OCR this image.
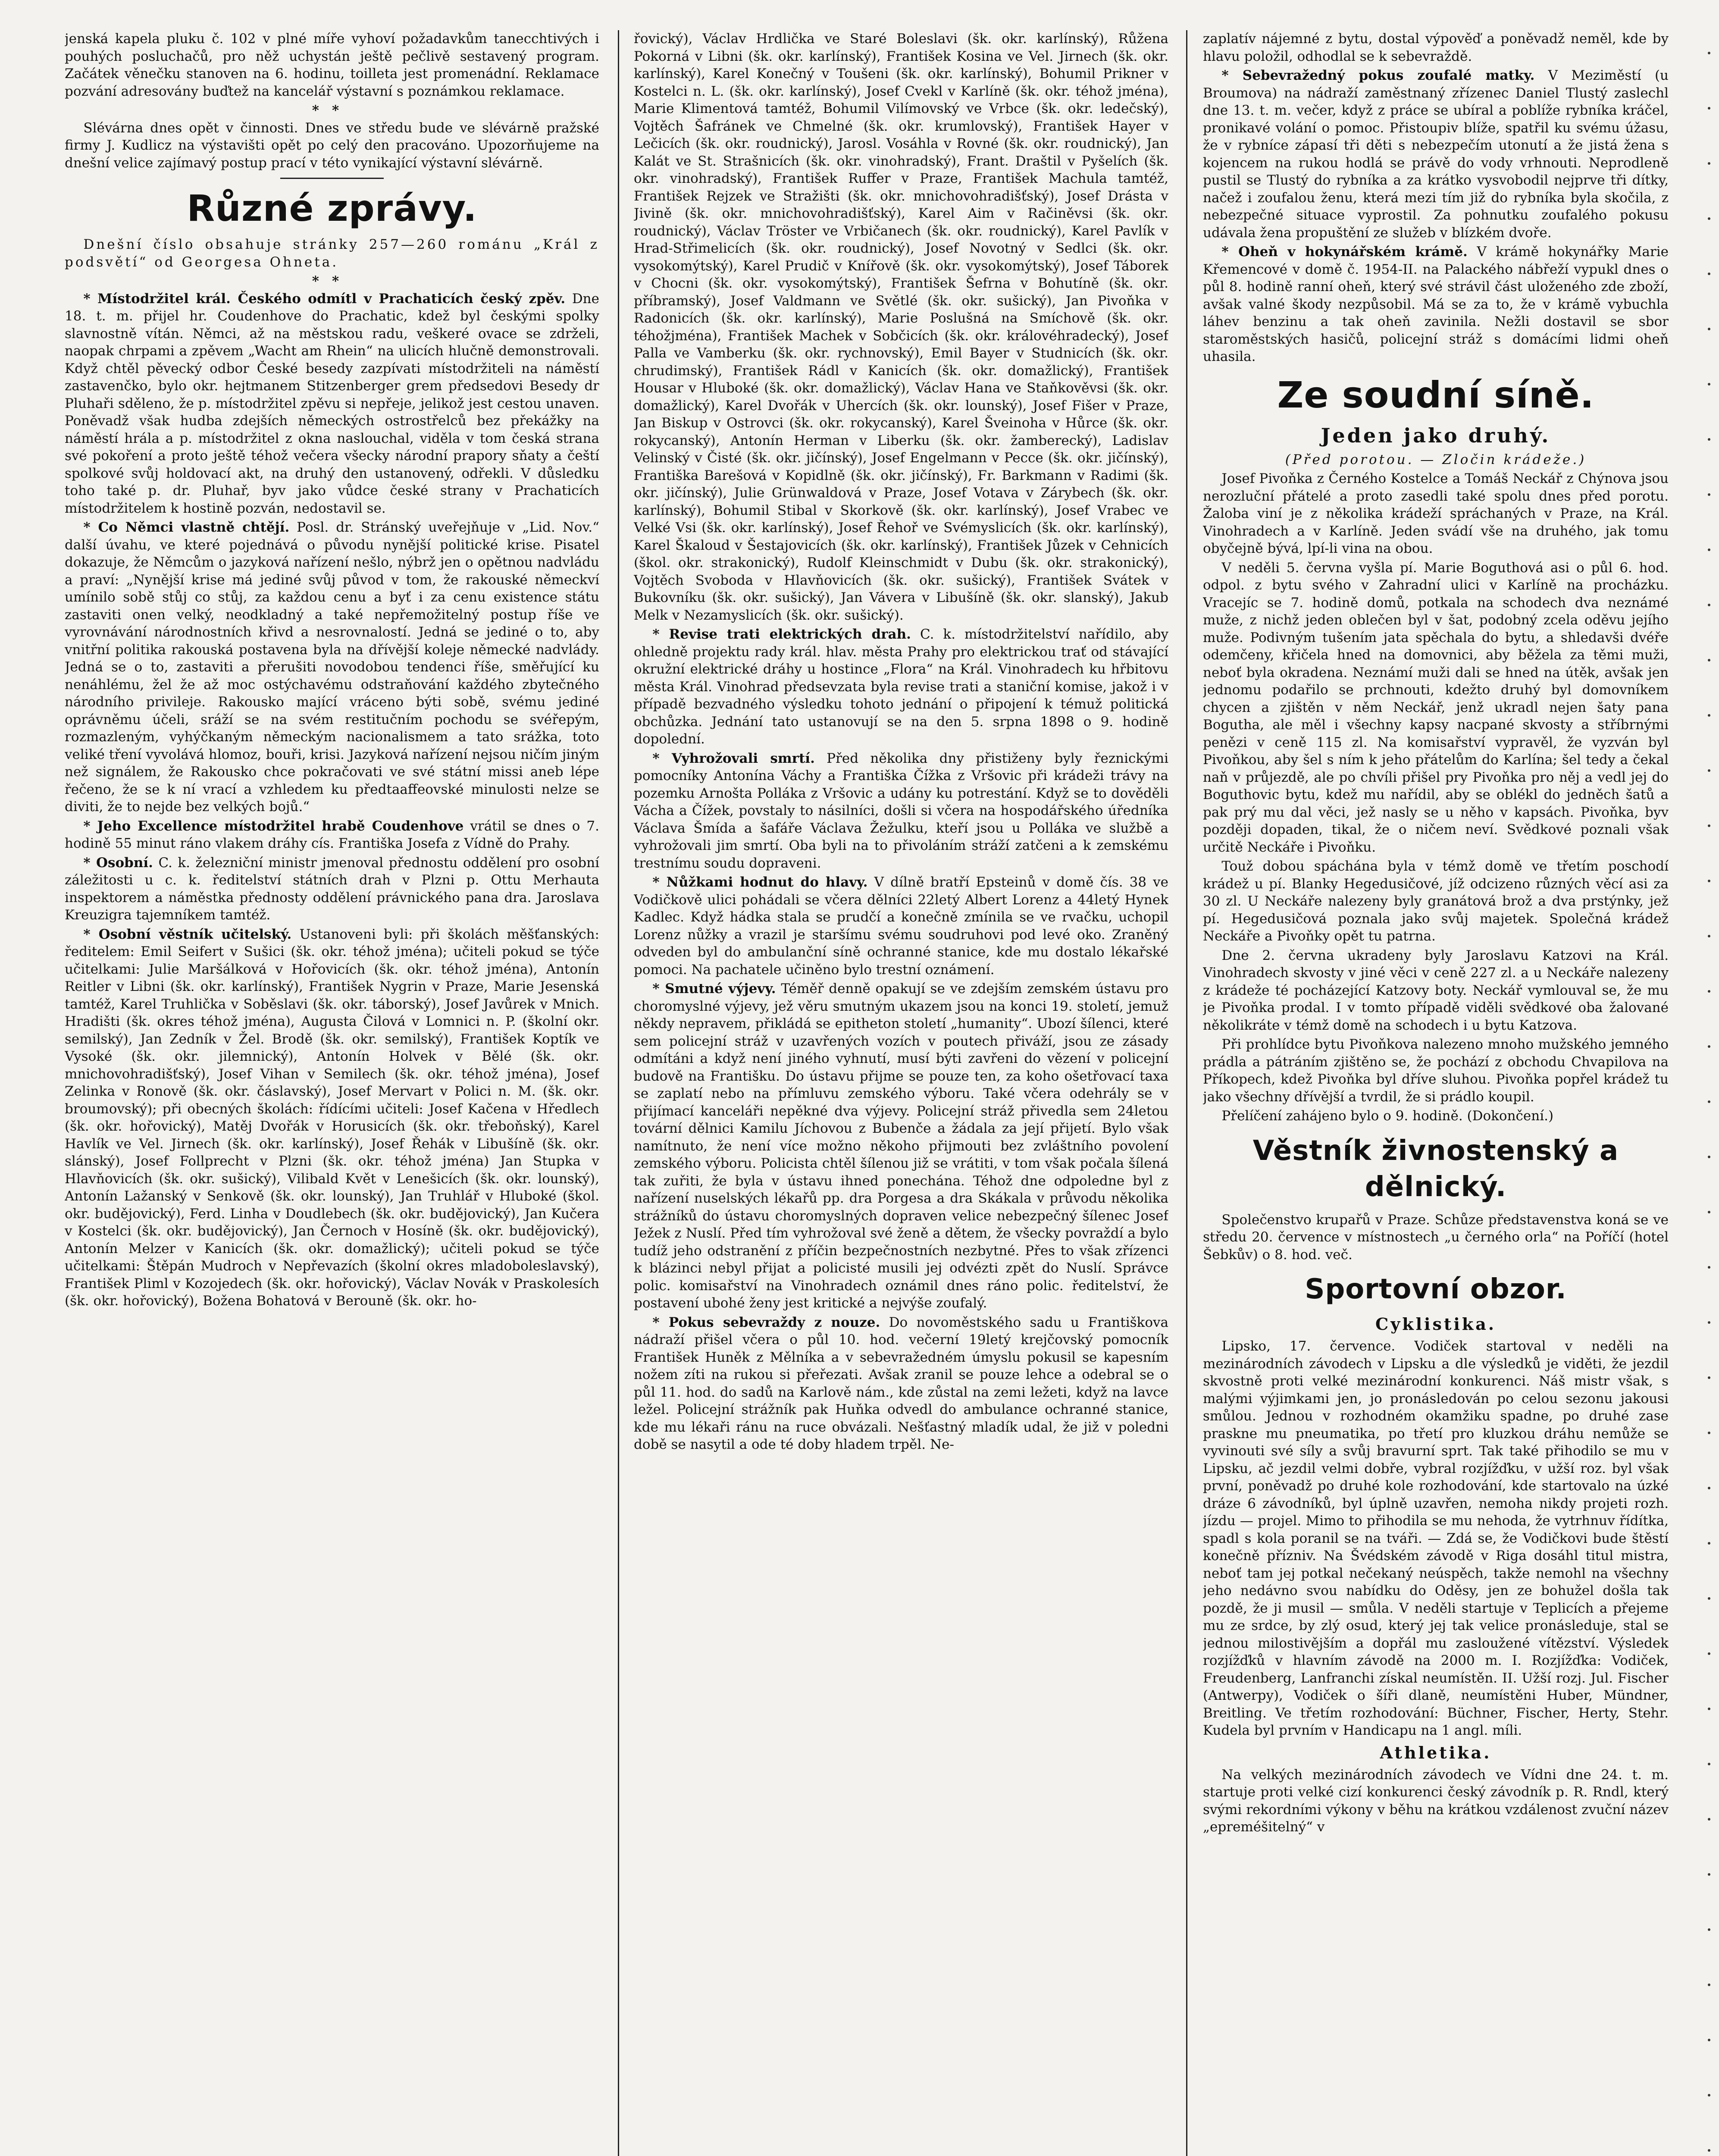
jenská kapela pluku č. 102 v plné míře vyhoví požadavkům tanecchtivých i pouhých posluchačů, pro něž uchystán ještě pečlivě sestavený program. Začátek věnečku stanoven na 6. hodinu, toilleta jest promenádní. Reklamace pozvání adresovány buďtež na kancelář výstavní s poznámkou reklamace.

**

Slévárna dnes opět v činnosti. Dnes ve středu bude ve slévárně pražské firmy J. Kudlicz na výstavišti opět po celý den pracováno. Upozorňujeme na dnešní velice zajímavý postup prací v této vynikající výstavní slévárně.

Různé zprávy.

Dnešní číslo obsahuje stránky 257—260 románu „Král z podsvětí“ od Georgesa Ohneta.

**

* Místodržitel král. Českého odmítl v Prachaticích český zpěv. Dne 18. t. m. přijel hr. Coudenhove do Prachatic, kdež byl českými spolky slavnostně vítán. Němci, až na městskou radu, veškeré ovace se zdrželi, naopak chrpami a zpěvem „Wacht am Rhein“ na ulicích hlučně demonstrovali. Když chtěl pěvecký odbor České besedy zazpívati místodržiteli na náměstí zastavenčko, bylo okr. hejtmanem Stitzenberger grem předsedovi Besedy dr Pluhaři sděleno, že p. místodržitel zpěvu si nepřeje, jelikož jest cestou unaven. Poněvadž však hudba zdejších německých ostrostřelců bez překážky na náměstí hrála a p. místodržitel z okna naslouchal, viděla v tom česká strana své pokoření a proto ještě téhož večera všecky národní prapory sňaty a čeští spolkové svůj holdovací akt, na druhý den ustanovený, odřekli. V důsledku toho také p. dr. Pluhař, byv jako vůdce české strany v Prachaticích místodržitelem k hostině pozván, nedostavil se.

* Co Němci vlastně chtějí. Posl. dr. Stránský uveřejňuje v „Lid. Nov.“ další úvahu, ve které pojednává o původu nynější politické krise. Pisatel dokazuje, že Němcům o jazyková nařízení nešlo, nýbrž jen o opětnou nadvládu a praví: „Nynější krise má jediné svůj původ v tom, že rakouské německví umínilo sobě stůj co stůj, za každou cenu a byť i za cenu existence státu zastaviti onen velký, neodkladný a také nepřemožitelný postup říše ve vyrovnávání národnostních křivd a nesrovnalostí. Jedná se jediné o to, aby vnitřní politika rakouská postavena byla na dřívější koleje německé nadvlády. Jedná se o to, zastaviti a přerušiti novodobou tendenci říše, směřující ku nenáhlému, žel že až moc ostýchavému odstraňování každého zbytečného národního privileje. Rakousko mající vráceno býti sobě, svému jediné oprávněmu účeli, sráží se na svém restitučním pochodu se svéřepým, rozmazleným, vyhýčkaným německým nacionalismem a tato srážka, toto veliké tření vyvolává hlomoz, bouři, krisi. Jazyková nařízení nejsou ničím jiným než signálem, že Rakousko chce pokračovati ve své státní missi aneb lépe řečeno, že se k ní vrací a vzhledem ku předtaaffeovské minulosti nelze se diviti, že to nejde bez velkých bojů.“

* Jeho Excellence místodržitel hrabě Coudenhove vrátil se dnes o 7. hodině 55 minut ráno vlakem dráhy cís. Františka Josefa z Vídně do Prahy.

* Osobní. C. k. železniční ministr jmenoval přednostu oddělení pro osobní záležitosti u c. k. ředitelství státních drah v Plzni p. Ottu Merhauta inspektorem a náměstka přednosty oddělení právnického pana dra. Jaroslava Kreuzigra tajemníkem tamtéž.

* Osobní věstník učitelský. Ustanoveni byli: při školách měšťanských: ředitelem: Emil Seifert v Sušici (šk. okr. téhož jména); učiteli pokud se týče učitelkami: Julie Maršálková v Hořovicích (šk. okr. téhož jména), Antonín Reitler v Libni (šk. okr. karlínský), František Nygrin v Praze, Marie Jesenská tamtéž, Karel Truhlička v Soběslavi (šk. okr. táborský), Josef Javůrek v Mnich. Hradišti (šk. okres téhož jména), Augusta Čilová v Lomnici n. P. (školní okr. semilský), Jan Zedník v Žel. Brodě (šk. okr. semilský), František Koptík ve Vysoké (šk. okr. jilemnický), Antonín Holvek v Bělé (šk. okr. mnichovohradišťský), Josef Vihan v Semilech (šk. okr. téhož jména), Josef Zelinka v Ronově (šk. okr. čáslavský), Josef Mervart v Polici n. M. (šk. okr. broumovský); při obecných školách: řídícími učiteli: Josef Kačena v Hředlech (šk. okr. hořovický), Matěj Dvořák v Horusicích (šk. okr. třeboňský), Karel Havlík ve Vel. Jirnech (šk. okr. karlínský), Josef Řehák v Libušíně (šk. okr. slánský), Josef Follprecht v Plzni (šk. okr. téhož jména) Jan Stupka v Hlavňovicích (šk. okr. sušický), Vilibald Květ v Lenešicích (šk. okr. lounský), Antonín Lažanský v Senkově (šk. okr. lounský), Jan Truhlář v Hluboké (škol. okr. budějovický), Ferd. Linha v Doudlebech (šk. okr. budějovický), Jan Kučera v Kostelci (šk. okr. budějovický), Jan Černoch v Hosíně (šk. okr. budějovický), Antonín Melzer v Kanicích (šk. okr. domažlický); učiteli pokud se týče učitelkami: Štěpán Mudroch v Nepřevazích (školní okres mladoboleslavský), František Pliml v Kozojedech (šk. okr. hořovický), Václav Novák v Praskolesích (šk. okr. hořovický), Božena Bohatová v Berouně (šk. okr. ho-

řovický), Václav Hrdlička ve Staré Boleslavi (šk. okr. karlínský), Růžena Pokorná v Libni (šk. okr. karlínský), František Kosina ve Vel. Jirnech (šk. okr. karlínský), Karel Konečný v Toušeni (šk. okr. karlínský), Bohumil Prikner v Kostelci n. L. (šk. okr. karlínský), Josef Cvekl v Karlíně (šk. okr. téhož jména), Marie Klimentová tamtéž, Bohumil Vilímovský ve Vrbce (šk. okr. ledečský), Vojtěch Šafránek ve Chmelné (šk. okr. krumlovský), František Hayer v Lečicích (šk. okr. roudnický), Jarosl. Vosáhla v Rovné (šk. okr. roudnický), Jan Kalát ve St. Strašnicích (šk. okr. vinohradský), Frant. Draštil v Pyšelích (šk. okr. vinohradský), František Ruffer v Praze, František Machula tamtéž, František Rejzek ve Stražišti (šk. okr. mnichovohradišťský), Josef Drásta v Jivině (šk. okr. mnichovohradišťský), Karel Aim v Račiněvsi (šk. okr. roudnický), Václav Tröster ve Vrbičanech (šk. okr. roudnický), Karel Pavlík v Hrad-Střimelicích (šk. okr. roudnický), Josef Novotný v Sedlci (šk. okr. vysokomýtský), Karel Prudič v Knířově (šk. okr. vysokomýtský), Josef Táborek v Chocni (šk. okr. vysokomýtský), František Šefrna v Bohutíně (šk. okr. příbramský), Josef Valdmann ve Světlé (šk. okr. sušický), Jan Pivoňka v Radonicích (šk. okr. karlínský), Marie Poslušná na Smíchově (šk. okr. téhožjména), František Machek v Sobčicích (šk. okr. královéhradecký), Josef Palla ve Vamberku (šk. okr. rychnovský), Emil Bayer v Studnicích (šk. okr. chrudimský), František Rádl v Kanicích (šk. okr. domažlický), František Housar v Hluboké (šk. okr. domažlický), Václav Hana ve Staňkověvsi (šk. okr. domažlický), Karel Dvořák v Uhercích (šk. okr. lounský), Josef Fišer v Praze, Jan Biskup v Ostrovci (šk. okr. rokycanský), Karel Šveinoha v Hůrce (šk. okr. rokycanský), Antonín Herman v Liberku (šk. okr. žamberecký), Ladislav Velinský v Čisté (šk. okr. jičínský), Josef Engelmann v Pecce (šk. okr. jičínský), Františka Barešová v Kopidlně (šk. okr. jičínský), Fr. Barkmann v Radimi (šk. okr. jičínský), Julie Grünwaldová v Praze, Josef Votava v Zárybech (šk. okr. karlínský), Bohumil Stibal v Skorkově (šk. okr. karlínský), Josef Vrabec ve Velké Vsi (šk. okr. karlínský), Josef Řehoř ve Svémyslicích (šk. okr. karlínský), Karel Škaloud v Šestajovicích (šk. okr. karlínský), František Jůzek v Cehnicích (škol. okr. strakonický), Rudolf Kleinschmidt v Dubu (šk. okr. strakonický), Vojtěch Svoboda v Hlavňovicích (šk. okr. sušický), František Svátek v Bukovníku (šk. okr. sušický), Jan Vávera v Libušíně (šk. okr. slanský), Jakub Melk v Nezamyslicích (šk. okr. sušický).

* Revise trati elektrických drah. C. k. místodržitelství nařídilo, aby ohledně projektu rady král. hlav. města Prahy pro elektrickou trať od stávající okružní elektrické dráhy u hostince „Flora“ na Král. Vinohradech ku hřbitovu města Král. Vinohrad předsevzata byla revise trati a staniční komise, jakož i v případě bezvadného výsledku tohoto jednání o připojení k témuž politická obchůzka. Jednání tato ustanovují se na den 5. srpna 1898 o 9. hodině dopolední.

* Vyhrožovali smrtí. Před několika dny přistiženy byly řeznickými pomocníky Antonína Váchy a Františka Čížka z Vršovic při krádeži trávy na pozemku Arnošta Polláka z Vršovic a udány ku potrestání. Když se to dověděli Vácha a Čížek, povstaly to násilníci, došli si včera na hospodářského úředníka Václava Šmída a šafáře Václava Žežulku, kteří jsou u Polláka ve službě a vyhrožovali jim smrtí. Oba byli na to přivoláním stráží zatčeni a k zemskému trestnímu soudu dopraveni.

* Nůžkami hodnut do hlavy. V dílně bratří Epsteinů v domě čís. 38 ve Vodičkově ulici pohádali se včera dělníci 22letý Albert Lorenz a 44letý Hynek Kadlec. Když hádka stala se prudčí a konečně zmínila se ve rvačku, uchopil Lorenz nůžky a vrazil je staršímu svému soudruhovi pod levé oko. Zraněný odveden byl do ambulanční síně ochranné stanice, kde mu dostalo lékařské pomoci. Na pachatele učiněno bylo trestní oznámení.

* Smutné výjevy. Téměř denně opakují se ve zdejším zemském ústavu pro choromyslné výjevy, jež věru smutným ukazem jsou na konci 19. století, jemuž někdy nepravem, přikládá se epitheton století „humanity“. Ubozí šílenci, které sem policejní stráž v uzavřených vozích v poutech přiváží, jsou ze zásady odmítáni a když není jiného vyhnutí, musí býti zavřeni do vězení v policejní budově na Františku. Do ústavu přijme se pouze ten, za koho ošetřovací taxa se zaplatí nebo na přímluvu zemského výboru. Také včera odehrály se v přijímací kanceláři nepěkné dva výjevy. Policejní stráž přivedla sem 24letou tovární dělnici Kamilu Jíchovou z Bubenče a žádala za její přijetí. Bylo však namítnuto, že není více možno někoho přijmouti bez zvláštního povolení zemského výboru. Policista chtěl šílenou již se vrátiti, v tom však počala šílená tak zuřiti, že byla v ústavu ihned ponechána. Téhož dne odpoledne byl z nařízení nuselských lékařů pp. dra Porgesa a dra Skákala v průvodu několika strážníků do ústavu choromyslných dopraven velice nebezpečný šílenec Josef Ježek z Nuslí. Před tím vyhrožoval své ženě a dětem, že všecky povraždí a bylo tudíž jeho odstranění z příčin bezpečnostních nezbytné. Přes to však zřízenci k blázinci nebyl přijat a policisté musili jej odvézti zpět do Nuslí. Správce polic. komisařství na Vinohradech oznámil dnes ráno polic. ředitelství, že postavení ubohé ženy jest kritické a nejvýše zoufalý.

* Pokus sebevraždy z nouze. Do novoměstského sadu u Františkova nádraží přišel včera o půl 10. hod. večerní 19letý krejčovský pomocník František Huněk z Mělníka a v sebevražedném úmyslu pokusil se kapesním nožem zíti na rukou si přeřezati. Avšak zranil se pouze lehce a odebral se o půl 11. hod. do sadů na Karlově nám., kde zůstal na zemi ležeti, když na lavce ležel. Policejní strážník pak Huňka odvedl do ambulance ochranné stanice, kde mu lékaři ránu na ruce obvázali. Nešťastný mladík udal, že již v poledni době se nasytil a ode té doby hladem trpěl. Ne-

zaplatív nájemné z bytu, dostal výpověď a poněvadž neměl, kde by hlavu položil, odhodlal se k sebevraždě.

* Sebevražedný pokus zoufalé matky. V Meziměstí (u Broumova) na nádraží zaměstnaný zřízenec Daniel Tlustý zaslechl dne 13. t. m. večer, když z práce se ubíral a poblíže rybníka kráčel, pronikavé volání o pomoc. Přistoupiv blíže, spatřil ku svému úžasu, že v rybníce zápasí tři děti s nebezpečím utonutí a že jistá žena s kojencem na rukou hodlá se právě do vody vrhnouti. Neprodleně pustil se Tlustý do rybníka a za krátko vysvobodil nejprve tři dítky, načež i zoufalou ženu, která mezi tím již do rybníka byla skočila, z nebezpečné situace vyprostil. Za pohnutku zoufalého pokusu udávala žena propuštění ze služeb v blízkém dvoře.

* Oheň v hokynářském krámě. V krámě hokynářky Marie Křemencové v domě č. 1954-II. na Palackého nábřeží vypukl dnes o půl 8. hodině ranní oheň, který své strávil část uloženého zde zboží, avšak valné škody nezpůsobil. Má se za to, že v krámě vybuchla láhev benzinu a tak oheň zavinila. Nežli dostavil se sbor staroměstských hasičů, policejní stráž s domácími lidmi oheň uhasila.

Ze soudní síně.
Jeden jako druhý.

(Před porotou. — Zločin krádeže.)

Josef Pivoňka z Černého Kostelce a Tomáš Neckář z Chýnova jsou nerozluční přátelé a proto zasedli také spolu dnes před porotu. Žaloba viní je z několika krádeží spráchaných v Praze, na Král. Vinohradech a v Karlíně. Jeden svádí vše na druhého, jak tomu obyčejně bývá, lpí-li vina na obou.

V neděli 5. června vyšla pí. Marie Boguthová asi o půl 6. hod. odpol. z bytu svého v Zahradní ulici v Karlíně na procházku. Vracejíc se 7. hodině domů, potkala na schodech dva neznámé muže, z nichž jeden oblečen byl v šat, podobný zcela oděvu jejího muže. Podivným tušením jata spěchala do bytu, a shledavši dvéře odemčeny, křičela hned na domovnici, aby běžela za těmi muži, neboť byla okradena. Neznámí muži dali se hned na útěk, avšak jen jednomu podařilo se prchnouti, kdežto druhý byl domovníkem chycen a zjištěn v něm Neckář, jenž ukradl nejen šaty pana Boguthа, ale měl i všechny kapsy nacpané skvosty a stříbrnými penězi v ceně 115 zl. Na komisařství vypravěl, že vyzván byl Pivoňkou, aby šel s ním k jeho přátelům do Karlína; šel tedy a čekal naň v průjezdě, ale po chvíli přišel pry Pivoňka pro něj a vedl jej do Boguthovic bytu, kdež mu nařídil, aby se oblékl do jedněch šatů a pak prý mu dal věci, jež nasly se u něho v kapsách. Pivoňka, byv později dopaden, tikal, že o ničem neví. Svědkové poznali však určitě Neckáře i Pivoňku.

Touž dobou spáchána byla v témž domě ve třetím poschodí krádež u pí. Blanky Hegedusičové, jíž odcizeno různých věcí asi za 30 zl. U Neckáře nalezeny byly granátová brož a dva prstýnky, jež pí. Hegedusičová poznala jako svůj majetek. Společná krádež Neckáře a Pivoňky opět tu patrna.

Dne 2. června ukradeny byly Jaroslavu Katzovi na Král. Vinohradech skvosty v jiné věci v ceně 227 zl. a u Neckáře nalezeny z krádeže té pocházející Katzovy boty. Neckář vymlouval se, že mu je Pivoňka prodal. I v tomto případě viděli svědkové oba žalované několikráte v témž domě na schodech i u bytu Katzova.

Při prohlídce bytu Pivoňkova nalezeno mnoho mužského jemného prádla a pátráním zjištěno se, že pochází z obchodu Chvapilova na Příkopech, kdež Pivoňka byl dříve sluhou. Pivoňka popřel krádež tu jako všechny dřívější a tvrdil, že si prádlo koupil.

Přelíčení zahájeno bylo o 9. hodině. (Dokončení.)

Věstník živnostenský a dělnický.

Společenstvo krupařů v Praze. Schůze představenstva koná se ve středu 20. července v místnostech „u černého orla“ na Poříčí (hotel Šebkův) o 8. hod. več.

Sportovní obzor.
Cyklistika.

Lipsko, 17. července. Vodiček startoval v neděli na mezinárodních závodech v Lipsku a dle výsledků je viděti, že jezdil skvostně proti velké mezinárodní konkurenci. Náš mistr však, s malými výjimkami jen, jo pronásledován po celou sezonu jakousi smůlou. Jednou v rozhodném okamžiku spadne, po druhé zase praskne mu pneumatika, po třetí pro kluzkou dráhu nemůže se vyvinouti své síly a svůj bravurní sprt. Tak také přihodilo se mu v Lipsku, ač jezdil velmi dobře, vybral rozjížďku, v užší roz. byl však první, poněvadž po druhé kole rozhodování, kde startovalo na úzké dráze 6 závodníků, byl úplně uzavřen, nemoha nikdy projeti rozh. jízdu — projel. Mimo to přihodila se mu nehoda, že vytrhnuv řídítka, spadl s kola poranil se na tváři. — Zdá se, že Vodičkovi bude štěstí konečně přízniv. Na Švédském závodě v Riga dosáhl titul mistra, neboť tam jej potkal nečekaný neúspěch, takže nemohl na všechny jeho nedávno svou nabídku do Oděsy, jen ze bohužel došla tak pozdě, že ji musil — smůla. V neděli startuje v Teplicích a přejeme mu ze srdce, by zlý osud, který jej tak velice pronásleduje, stal se jednou milostivějším a dopřál mu zasloužené vítězství. Výsledek rozjížďků v hlavním závodě na 2000 m. I. Rozjížďka: Vodiček, Freudenberg, Lanfranchi získal neumístěn. II. Užší rozj. Jul. Fischer (Antwerpy), Vodiček o šíři dlaně, neumístěni Huber, Mündner, Breitling. Ve třetím rozhodování: Büchner, Fischer, Herty, Stehr. Kudela byl prvním v Handicapu na 1 angl. míli.

Athletika.

Na velkých mezinárodních závodech ve Vídni dne 24. t. m. startuje proti velké cizí konkurenci český závodník p. R. Rndl, který svými rekordními výkony v běhu na krátkou vzdálenost zvuční název „epreméšitelný“ v
